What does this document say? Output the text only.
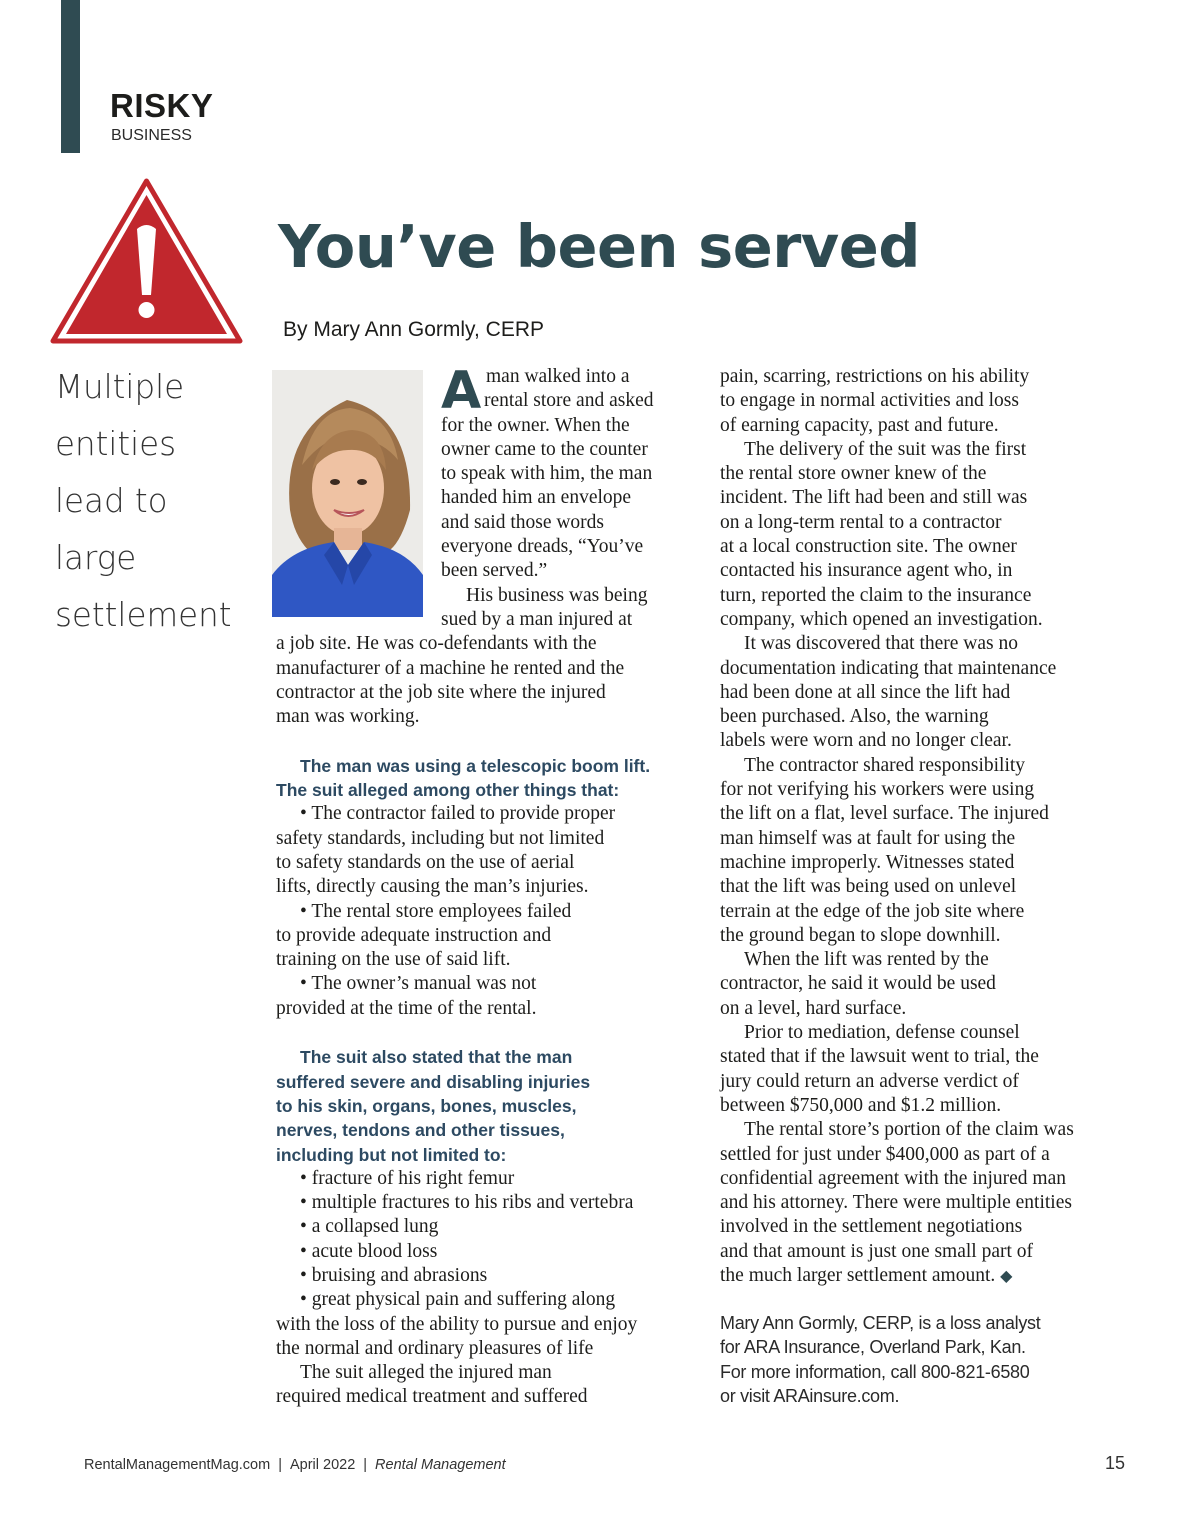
RISKY
BUSINESS
You’ve been served
By Mary Ann Gormly, CERP
Multiple
entities
lead to
large
settlement
A man walked into a
rental store and asked
for the owner. When the
owner came to the counter
to speak with him, the man
handed him an envelope
and said those words
everyone dreads, “You’ve
been served.”
His business was being
sued by a man injured at
a job site. He was co-defendants with the
manufacturer of a machine he rented and the
contractor at the job site where the injured
man was working.
The man was using a telescopic boom lift.
The suit alleged among other things that:
• The contractor failed to provide proper
safety standards, including but not limited
to safety standards on the use of aerial
lifts, directly causing the man’s injuries.
• The rental store employees failed
to provide adequate instruction and
training on the use of said lift.
• The owner’s manual was not
provided at the time of the rental.
The suit also stated that the man
suffered severe and disabling injuries
to his skin, organs, bones, muscles,
nerves, tendons and other tissues,
including but not limited to:
• fracture of his right femur
• multiple fractures to his ribs and vertebra
• a collapsed lung
• acute blood loss
• bruising and abrasions
• great physical pain and suffering along
with the loss of the ability to pursue and enjoy
the normal and ordinary pleasures of life
The suit alleged the injured man
required medical treatment and suffered
pain, scarring, restrictions on his ability
to engage in normal activities and loss
of earning capacity, past and future.
The delivery of the suit was the first
the rental store owner knew of the
incident. The lift had been and still was
on a long-term rental to a contractor
at a local construction site. The owner
contacted his insurance agent who, in
turn, reported the claim to the insurance
company, which opened an investigation.
It was discovered that there was no
documentation indicating that maintenance
had been done at all since the lift had
been purchased. Also, the warning
labels were worn and no longer clear.
The contractor shared responsibility
for not verifying his workers were using
the lift on a flat, level surface. The injured
man himself was at fault for using the
machine improperly. Witnesses stated
that the lift was being used on unlevel
terrain at the edge of the job site where
the ground began to slope downhill.
When the lift was rented by the
contractor, he said it would be used
on a level, hard surface.
Prior to mediation, defense counsel
stated that if the lawsuit went to trial, the
jury could return an adverse verdict of
between $750,000 and $1.2 million.
The rental store’s portion of the claim was
settled for just under $400,000 as part of a
confidential agreement with the injured man
and his attorney. There were multiple entities
involved in the settlement negotiations
and that amount is just one small part of
the much larger settlement amount. ◆
Mary Ann Gormly, CERP, is a loss analyst
for ARA Insurance, Overland Park, Kan.
For more information, call 800-821-6580
or visit ARAinsure.com.
RentalManagementMag.com | April 2022 | Rental Management	15
